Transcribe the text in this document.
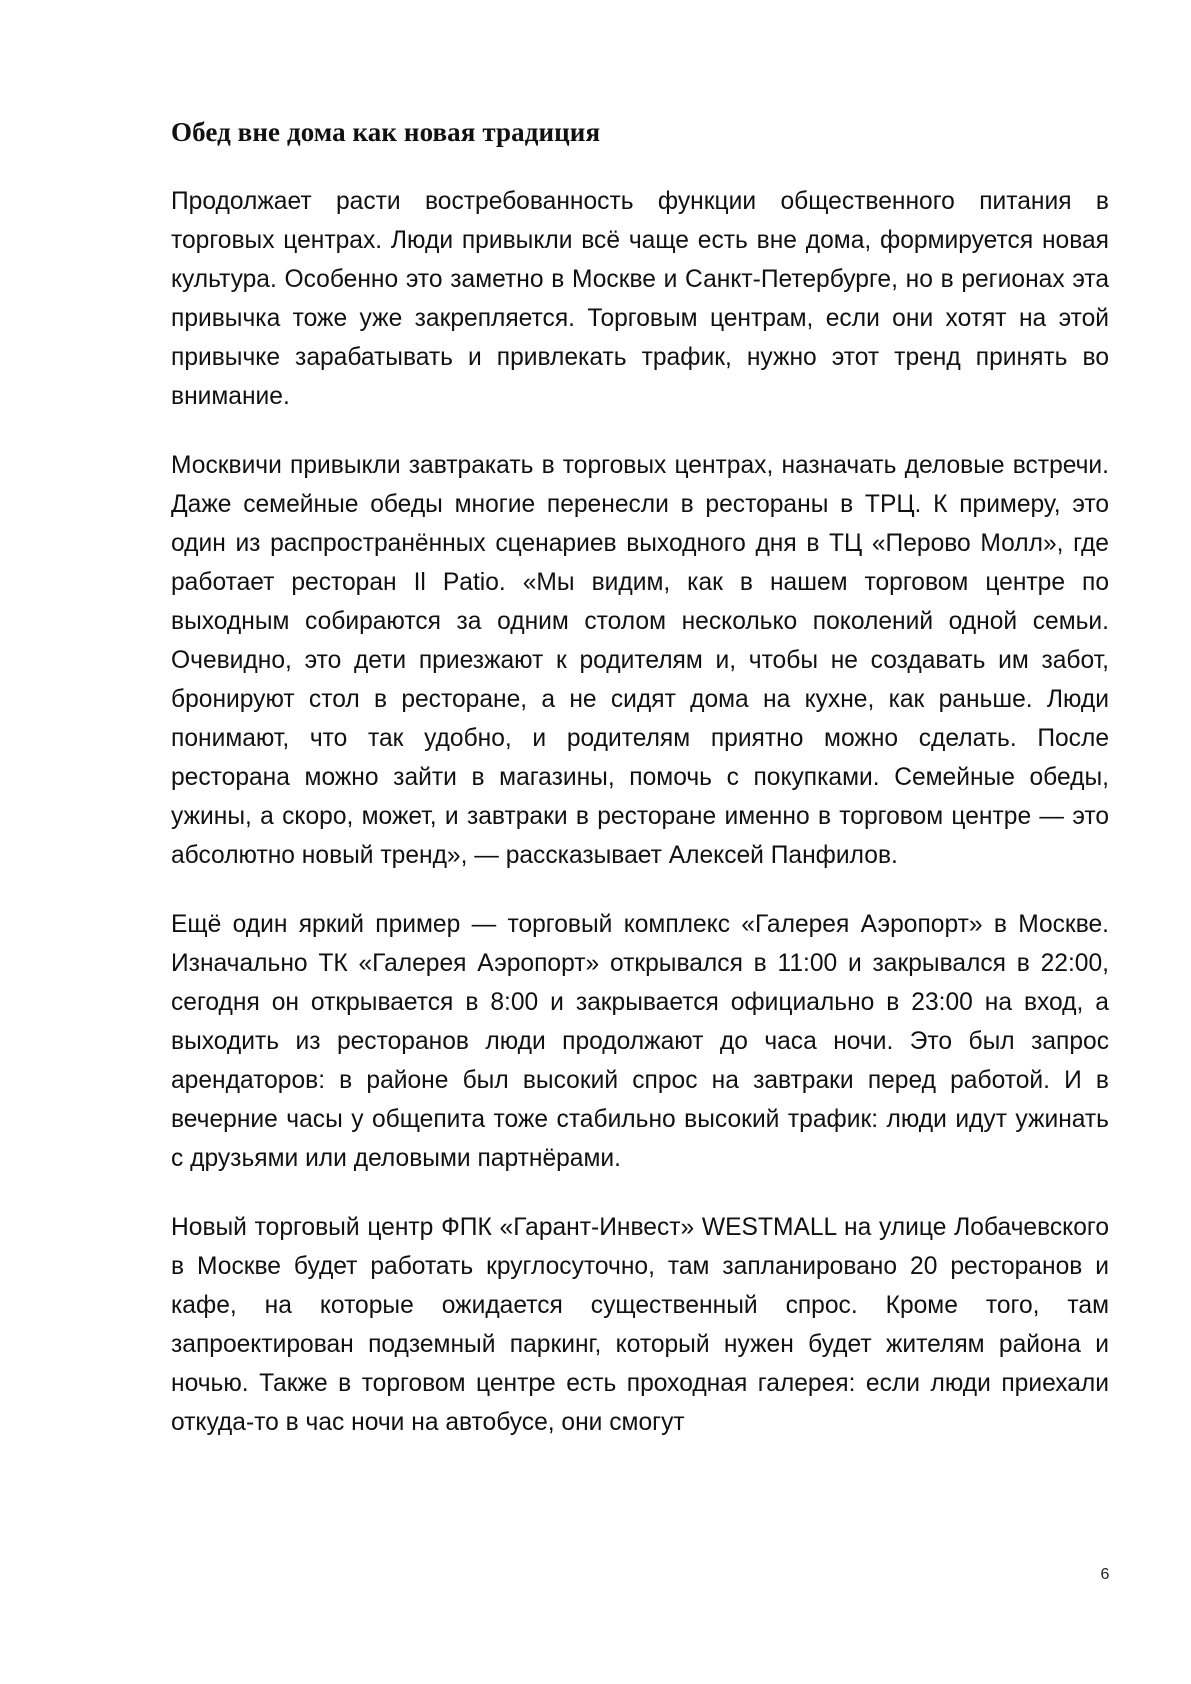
Обед вне дома как новая традиция

Продолжает расти востребованность функции общественного питания в торговых центрах. Люди привыкли всё чаще есть вне дома, формируется новая культура. Особенно это заметно в Москве и Санкт-Петербурге, но в регионах эта привычка тоже уже закрепляется. Торговым центрам, если они хотят на этой привычке зарабатывать и привлекать трафик, нужно этот тренд принять во внимание.

Москвичи привыкли завтракать в торговых центрах, назначать деловые встречи. Даже семейные обеды многие перенесли в рестораны в ТРЦ. К примеру, это один из распространённых сценариев выходного дня в ТЦ «Перово Молл», где работает ресторан Il Patio. «Мы видим, как в нашем торговом центре по выходным собираются за одним столом несколько поколений одной семьи. Очевидно, это дети приезжают к родителям и, чтобы не создавать им забот, бронируют стол в ресторане, а не сидят дома на кухне, как раньше. Люди понимают, что так удобно, и родителям приятно можно сделать. После ресторана можно зайти в магазины, помочь с покупками. Семейные обеды, ужины, а скоро, может, и завтраки в ресторане именно в торговом центре — это абсолютно новый тренд», — рассказывает Алексей Панфилов.

Ещё один яркий пример — торговый комплекс «Галерея Аэропорт» в Москве. Изначально ТК «Галерея Аэропорт» открывался в 11:00 и закрывался в 22:00, сегодня он открывается в 8:00 и закрывается официально в 23:00 на вход, а выходить из ресторанов люди продолжают до часа ночи. Это был запрос арендаторов: в районе был высокий спрос на завтраки перед работой. И в вечерние часы у общепита тоже стабильно высокий трафик: люди идут ужинать с друзьями или деловыми партнёрами.

Новый торговый центр ФПК «Гарант-Инвест» WESTMALL на улице Лобачевского в Москве будет работать круглосуточно, там запланировано 20 ресторанов и кафе, на которые ожидается существенный спрос. Кроме того, там запроектирован подземный паркинг, который нужен будет жителям района и ночью. Также в торговом центре есть проходная галерея: если люди приехали откуда-то в час ночи на автобусе, они смогут

6
